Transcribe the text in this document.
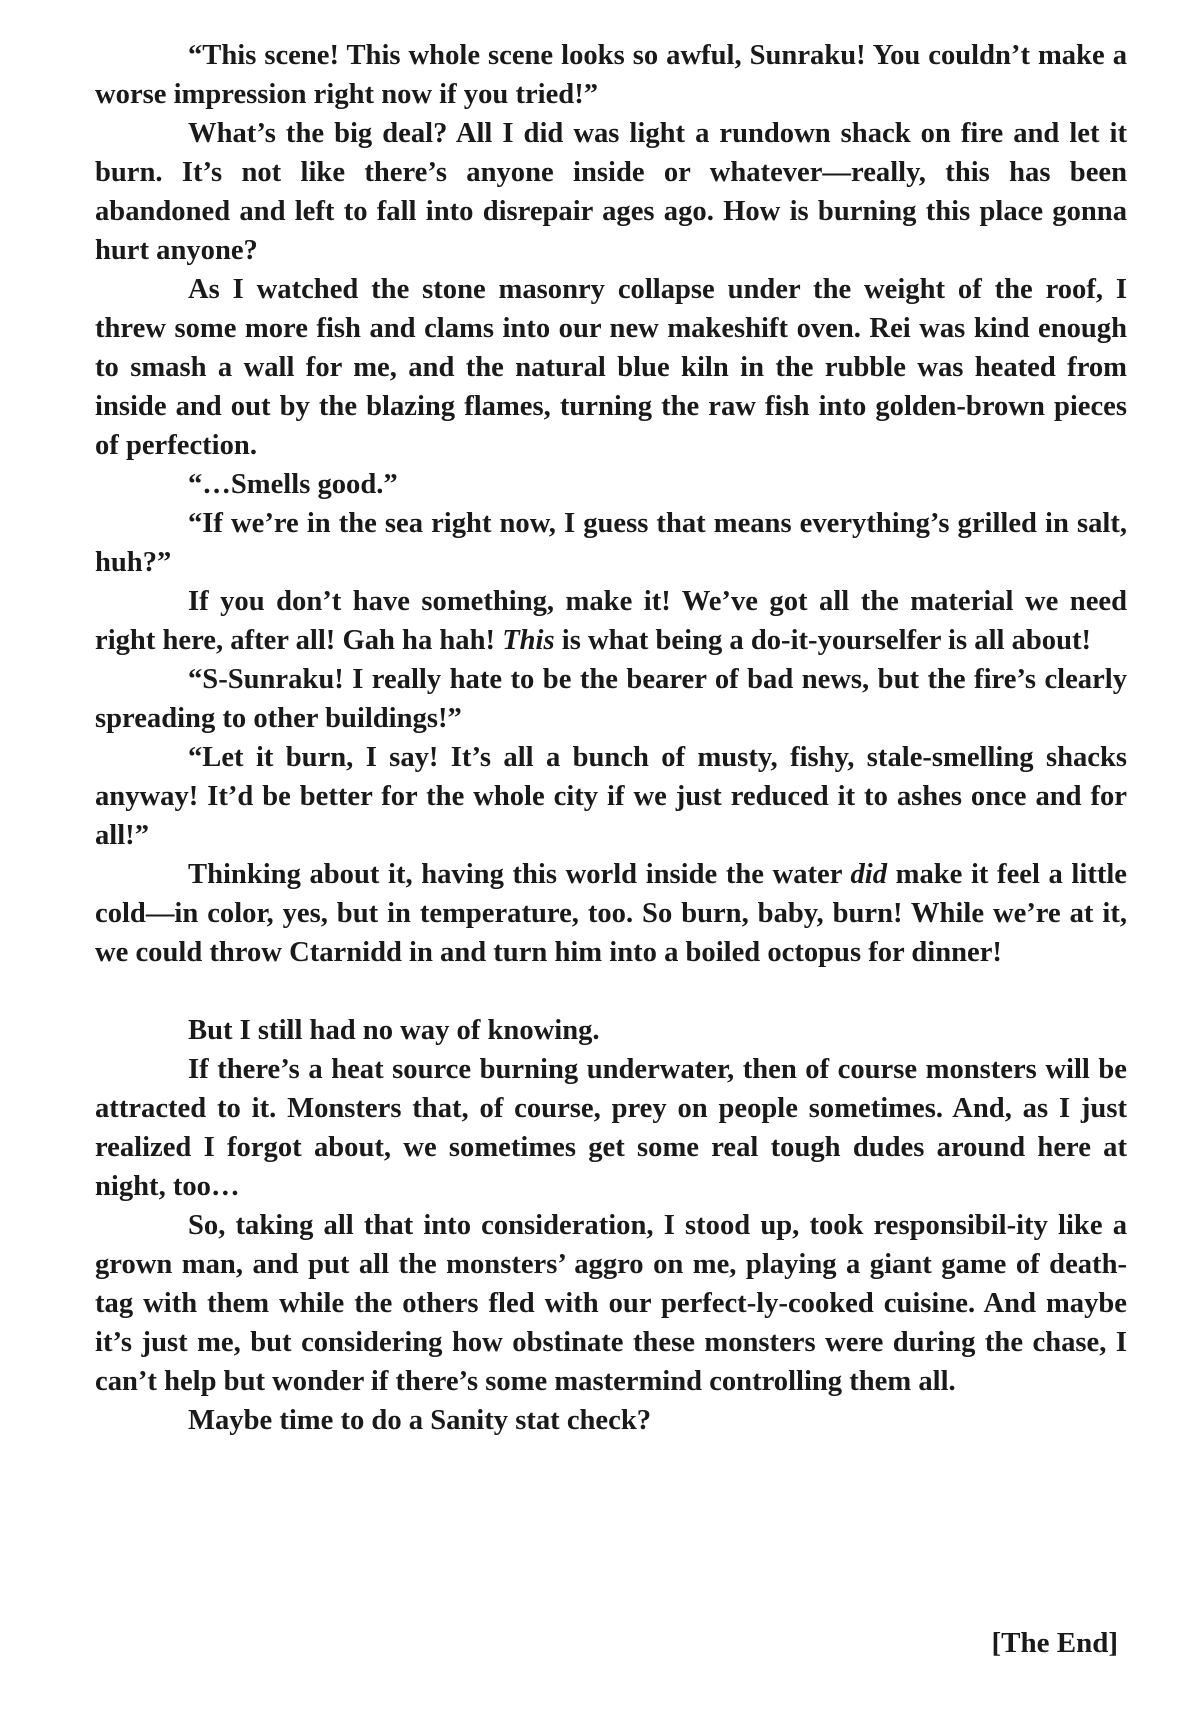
“This scene! This whole scene looks so awful, Sunraku! You couldn’t make a worse impression right now if you tried!”

What’s the big deal? All I did was light a rundown shack on fire and let it burn. It’s not like there’s anyone inside or whatever—really, this has been abandoned and left to fall into disrepair ages ago. How is burning this place gonna hurt anyone?

As I watched the stone masonry collapse under the weight of the roof, I threw some more fish and clams into our new makeshift oven. Rei was kind enough to smash a wall for me, and the natural blue kiln in the rubble was heated from inside and out by the blazing flames, turning the raw fish into golden-brown pieces of perfection.

“…Smells good.”

“If we’re in the sea right now, I guess that means everything’s grilled in salt, huh?”

If you don’t have something, make it! We’ve got all the material we need right here, after all! Gah ha hah! This is what being a do-it-yourselfer is all about!

“S-Sunraku! I really hate to be the bearer of bad news, but the fire’s clearly spreading to other buildings!”

“Let it burn, I say! It’s all a bunch of musty, fishy, stale-smelling shacks anyway! It’d be better for the whole city if we just reduced it to ashes once and for all!”

Thinking about it, having this world inside the water did make it feel a little cold—in color, yes, but in temperature, too. So burn, baby, burn! While we’re at it, we could throw Ctarnidd in and turn him into a boiled octopus for dinner!

But I still had no way of knowing.

If there’s a heat source burning underwater, then of course monsters will be attracted to it. Monsters that, of course, prey on people sometimes. And, as I just realized I forgot about, we sometimes get some real tough dudes around here at night, too…

So, taking all that into consideration, I stood up, took responsibil-ity like a grown man, and put all the monsters’ aggro on me, playing a giant game of death-tag with them while the others fled with our perfect-ly-cooked cuisine. And maybe it’s just me, but considering how obstinate these monsters were during the chase, I can’t help but wonder if there’s some mastermind controlling them all.

Maybe time to do a Sanity stat check?

[The End]
